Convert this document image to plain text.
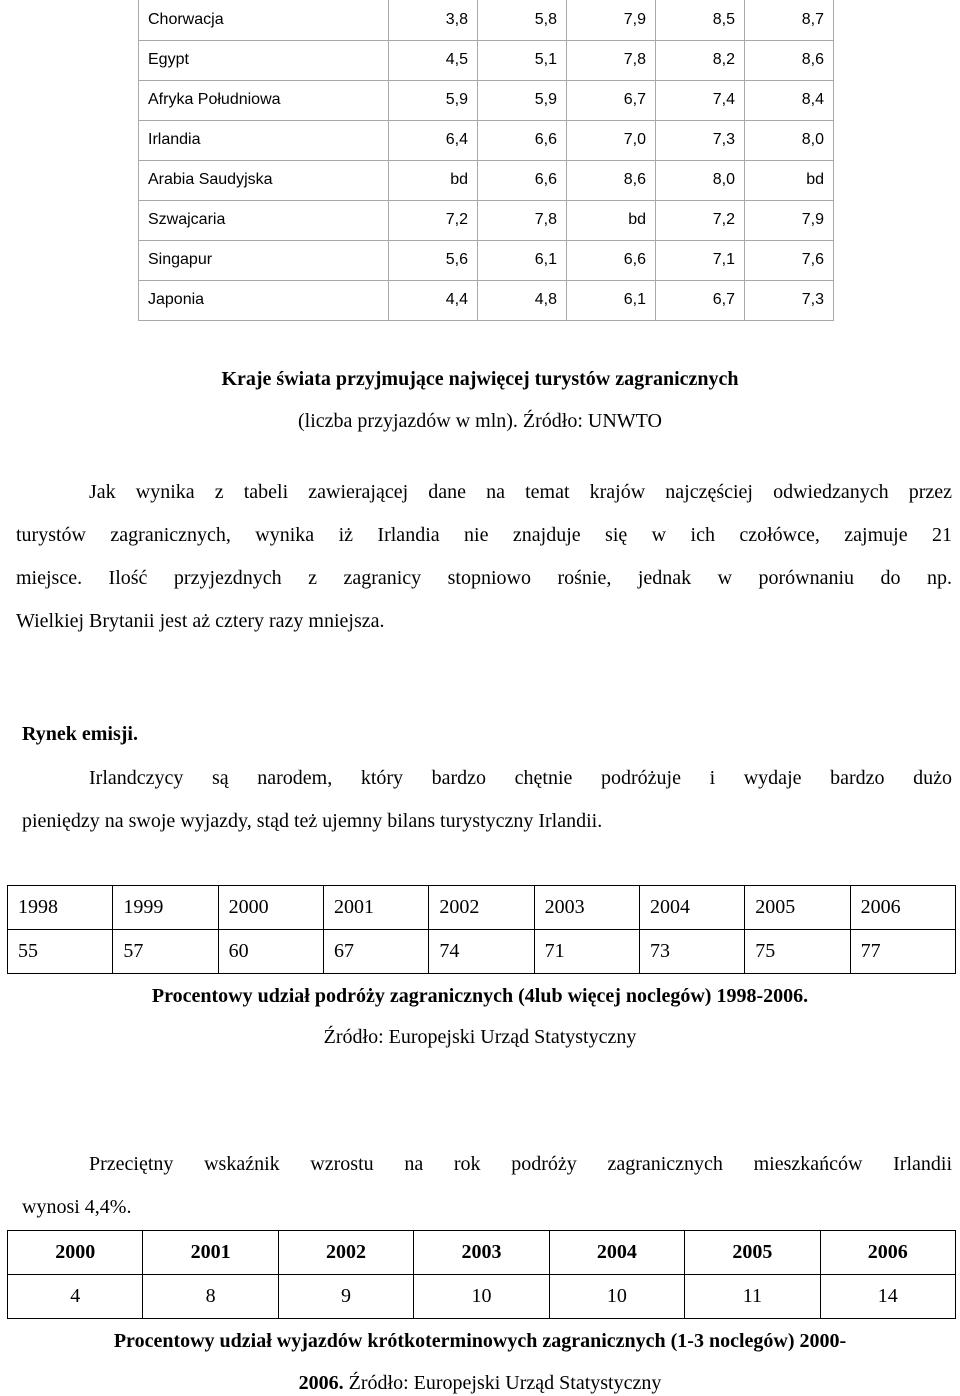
Chorwacja	3,8	5,8	7,9	8,5	8,7
Egypt	4,5	5,1	7,8	8,2	8,6
Afryka Południowa	5,9	5,9	6,7	7,4	8,4
Irlandia	6,4	6,6	7,0	7,3	8,0
Arabia Saudyjska	bd	6,6	8,6	8,0	bd
Szwajcaria	7,2	7,8	bd	7,2	7,9
Singapur	5,6	6,1	6,6	7,1	7,6
Japonia	4,4	4,8	6,1	6,7	7,3
Kraje świata przyjmujące najwięcej turystów zagranicznych
(liczba przyjazdów w mln). Źródło: UNWTO
Jak wynika z tabeli zawierającej dane na temat krajów najczęściej odwiedzanych przez
turystów zagranicznych, wynika iż Irlandia nie znajduje się w ich czołówce, zajmuje 21
miejsce. Ilość przyjezdnych z zagranicy stopniowo rośnie, jednak w porównaniu do np.
Wielkiej Brytanii jest aż cztery razy mniejsza.
Rynek emisji.
Irlandczycy są narodem, który bardzo chętnie podróżuje i wydaje bardzo dużo
pieniędzy na swoje wyjazdy, stąd też ujemny bilans turystyczny Irlandii.
1998	1999	2000	2001	2002	2003	2004	2005	2006
55	57	60	67	74	71	73	75	77
Procentowy udział podróży zagranicznych (4lub więcej noclegów) 1998-2006.
Źródło: Europejski Urząd Statystyczny
Przeciętny wskaźnik wzrostu na rok podróży zagranicznych mieszkańców Irlandii
wynosi 4,4%.
2000	2001	2002	2003	2004	2005	2006
4	8	9	10	10	11	14
Procentowy udział wyjazdów krótkoterminowych zagranicznych (1-3 noclegów) 2000-
2006. Źródło: Europejski Urząd Statystyczny
